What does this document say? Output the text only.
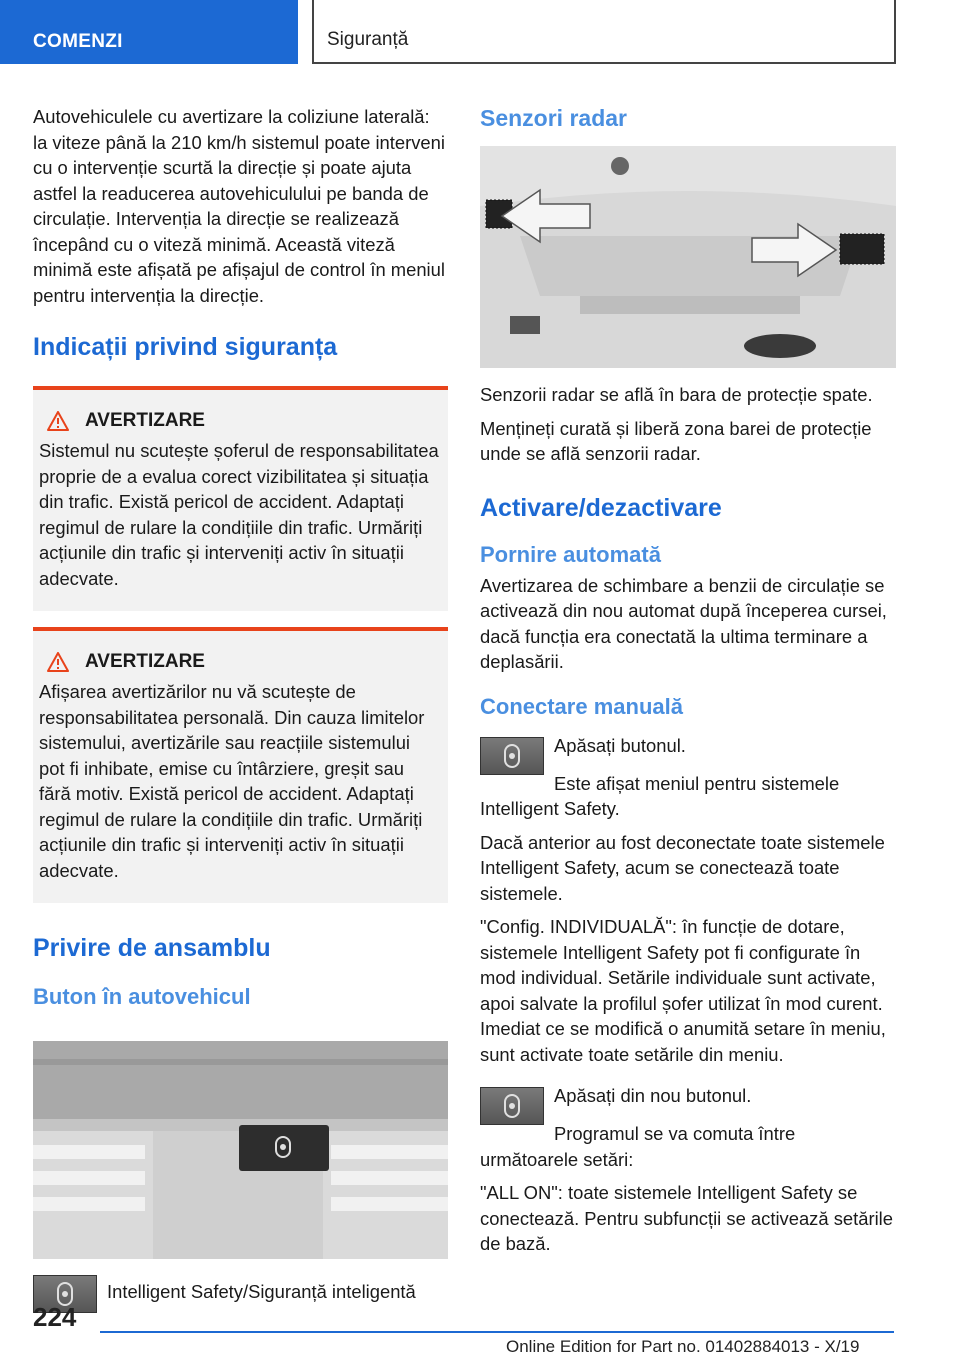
COMENZI	Siguranță

Autovehiculele cu avertizare la coliziune laterală: la viteze până la 210 km/h sistemul poate interveni cu o intervenție scurtă la direcție și poate ajuta astfel la readucerea autovehiculului pe banda de circulație. Intervenția la direcție se realizează începând cu o viteză minimă. Această viteză minimă este afișată pe afișajul de control în meniul pentru intervenția la direcție.

Indicații privind siguranța
AVERTIZARE

Sistemul nu scutește șoferul de responsabilitatea proprie de a evalua corect vizibilitatea și situația din trafic. Există pericol de accident. Adaptați regimul de rulare la condițiile din trafic. Urmăriți acțiunile din trafic și interveniți activ în situații adecvate.

AVERTIZARE

Afișarea avertizărilor nu vă scutește de responsabilitatea personală. Din cauza limitelor sistemului, avertizările sau reacțiile sistemului pot fi inhibate, emise cu întârziere, greșit sau fără motiv. Există pericol de accident. Adaptați regimul de rulare la condițiile din trafic. Urmăriți acțiunile din trafic și interveniți activ în situații adecvate.

Privire de ansamblu
Buton în autovehicul

Intelligent Safety/Siguranță inteligentă

Senzori radar

Senzorii radar se află în bara de protecție spate.

Mențineți curată și liberă zona barei de protecție unde se află senzorii radar.

Activare/dezactivare
Pornire automată

Avertizarea de schimbare a benzii de circulație se activează din nou automat după începerea cursei, dacă funcția era conectată la ultima terminare a deplasării.

Conectare manuală

Apăsați butonul.

Este afișat meniul pentru sistemele Intelligent Safety.

Dacă anterior au fost deconectate toate sistemele Intelligent Safety, acum se conectează toate sistemele.

"Config. INDIVIDUALĂ": în funcție de dotare, sistemele Intelligent Safety pot fi configurate în mod individual. Setările individuale sunt activate, apoi salvate la profilul șofer utilizat în mod curent. Imediat ce se modifică o anumită setare în meniu, sunt activate toate setările din meniu.

Apăsați din nou butonul.

Programul se va comuta între următoarele setări:

"ALL ON": toate sistemele Intelligent Safety se conectează. Pentru subfuncții se activează setările de bază.

224
Online Edition for Part no. 01402884013 - X/19
